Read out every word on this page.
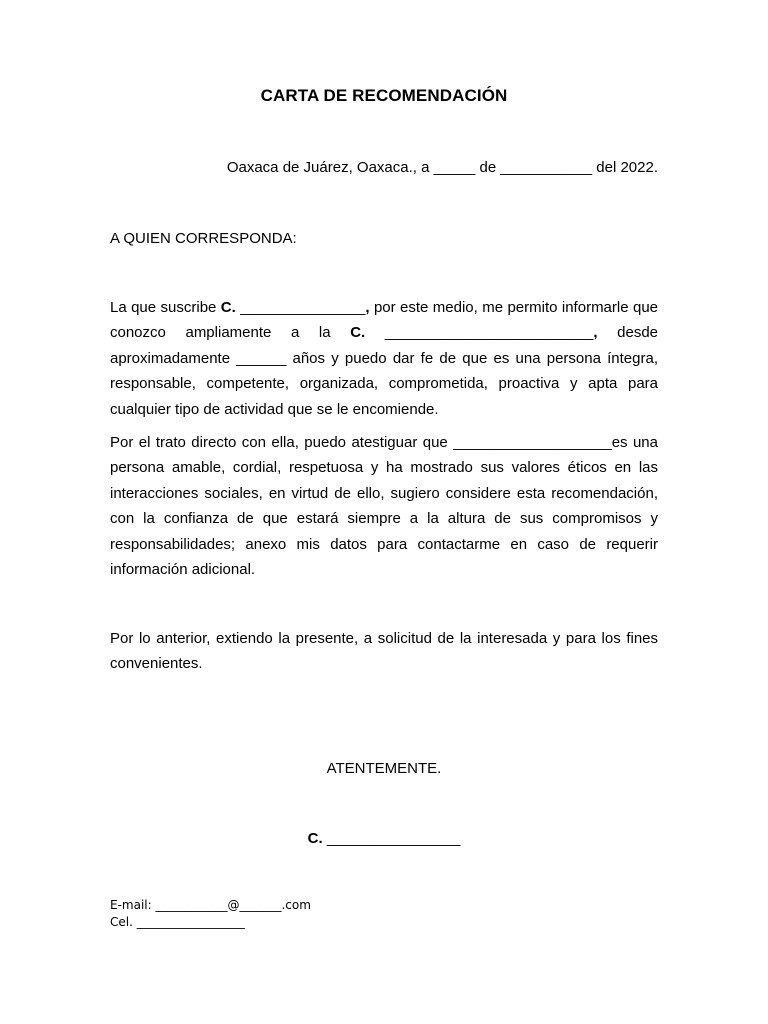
CARTA DE RECOMENDACIÓN
Oaxaca de Juárez, Oaxaca., a _____ de ___________ del 2022.
A QUIEN CORRESPONDA:

La que suscribe C. _______________, por este medio, me permito informarle que conozco ampliamente a la C. _________________________, desde aproximadamente ______ años y puedo dar fe de que es una persona íntegra, responsable, competente, organizada, comprometida, proactiva y apta para cualquier tipo de actividad que se le encomiende.

Por el trato directo con ella, puedo atestiguar que ___________________es una persona amable, cordial, respetuosa y ha mostrado sus valores éticos en las interacciones sociales, en virtud de ello, sugiero considere esta recomendación, con la confianza de que estará siempre a la altura de sus compromisos y responsabilidades; anexo mis datos para contactarme en caso de requerir información adicional.

Por lo anterior, extiendo la presente, a solicitud de la interesada y para los fines convenientes.

ATENTEMENTE.
C. ________________
E-mail: ____________@_______.com
Cel. __________________
